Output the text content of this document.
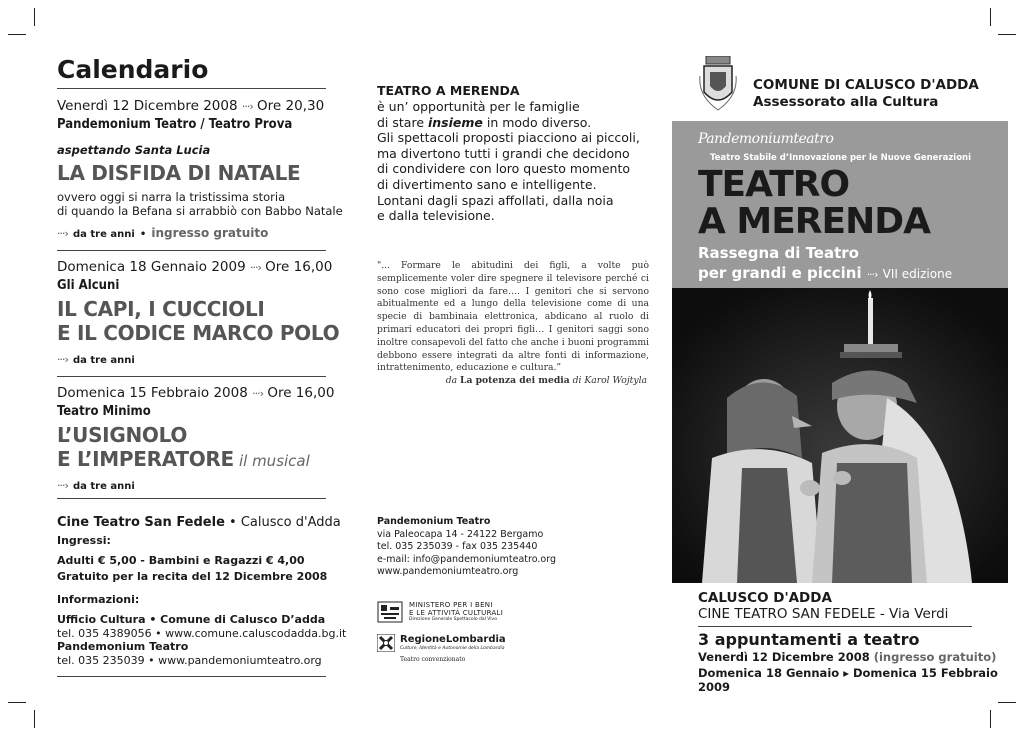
Calendario
Venerdì 12 Dicembre 2008 ···› Ore 20,30
Pandemonium Teatro / Teatro Prova
aspettando Santa Lucia
LA DISFIDA DI NATALE
ovvero oggi si narra la tristissima storia
di quando la Befana si arrabbiò con Babbo Natale
···› da tre anni • ingresso gratuito
Domenica 18 Gennaio 2009 ···› Ore 16,00
Gli Alcuni
IL CAPI, I CUCCIOLI
E IL CODICE MARCO POLO
···› da tre anni
Domenica 15 Febbraio 2008 ···› Ore 16,00
Teatro Minimo
L’USIGNOLO
E L’IMPERATORE il musical
···› da tre anni
Cine Teatro San Fedele • Calusco d'Adda
Ingressi:
Adulti € 5,00 - Bambini e Ragazzi € 4,00
Gratuito per la recita del 12 Dicembre 2008
Informazioni:
Ufficio Cultura • Comune di Calusco D’adda
tel. 035 4389056 • www.comune.caluscodadda.bg.it
Pandemonium Teatro
tel. 035 235039 • www.pandemoniumteatro.org
TEATRO A MERENDA
è un’ opportunità per le famiglie
di stare insieme in modo diverso.
Gli spettacoli proposti piacciono ai piccoli,
ma divertono tutti i grandi che decidono
di condividere con loro questo momento
di divertimento sano e intelligente.
Lontani dagli spazi affollati, dalla noia
e dalla televisione.
"... Formare le abitudini dei figli, a volte può semplicemente voler dire spegnere il televisore perché ci sono cose migliori da fare…. I genitori che si servono abitualmente ed a lungo della televisione come di una specie di bambinaia elettronica, abdicano al ruolo di primari educatori dei propri figli… I genitori saggi sono inoltre consapevoli del fatto che anche i buoni programmi debbono essere integrati da altre fonti di informazione, intrattenimento, educazione e cultura.”
da La potenza dei media di Karol Wojtyla
Pandemonium Teatro
via Paleocapa 14 - 24122 Bergamo
tel. 035 235039 - fax 035 235440
e-mail: info@pandemoniumteatro.org
www.pandemoniumteatro.org
MINISTERO PER I BENI
E LE ATTIVITÀ CULTURALI
Direzione Generale Spettacolo dal Vivo
RegioneLombardia
Culture, Identità e Autonomie della Lombardia
Teatro convenzionato
COMUNE DI CALUSCO D'ADDA
Assessorato alla Cultura
Pandemoniumteatro
Teatro Stabile d’Innovazione per le Nuove Generazioni
TEATRO
A MERENDA
Rassegna di Teatro
per grandi e piccini ···› VII edizione
CALUSCO D'ADDA
CINE TEATRO SAN FEDELE - Via Verdi
3 appuntamenti a teatro
Venerdì 12 Dicembre 2008 (ingresso gratuito)
Domenica 18 Gennaio ▸ Domenica 15 Febbraio 2009
